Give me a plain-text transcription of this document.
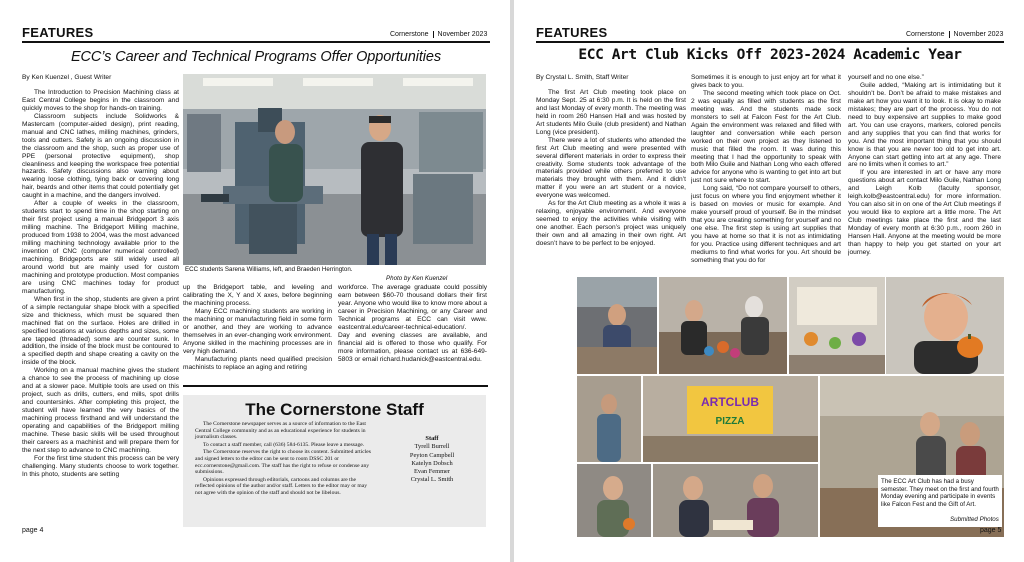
FEATURES	Cornerstone November 2023
ECC’s Career and Technical Programs Offer Opportunities

By Ken Kuenzel , Guest Writer

The Introduction to Precision Machining class at East Central College begins in the classroom and quickly moves to the shop for hands-on training.

Classroom subjects include Solidworks & Mastercam (computer-aided design), print reading, manual and CNC lathes, milling machines, grinders, tools and cutters. Safety is an ongoing discussion in the classroom and the shop, such as proper use of PPE (personal protective equipment), shop cleanliness and keeping the workspace free potential hazards. Safety discussions also warning about wearing loose clothing, tying back or covering long hair, beards and other items that could potentially get caught in a machine, and the dangers involved.

After a couple of weeks in the classroom, students start to spend time in the shop starting on their first project using a manual Bridgeport 3 axis milling machine. The Bridgeport Milling machine, produced from 1938 to 2004, was the most advanced milling machining technology available prior to the invention of CNC (computer numerical controlled) machining. Bridgeports are still widely used all around world but are mainly used for custom machining and prototype production. Most companies are using CNC machines today for product manufacturing.

When first in the shop, students are given a print of a simple rectangular shape block with a specified size and thickness, which must be squared then machined flat on the surface. Holes are drilled in specified locations at various depths and sizes, some are tapped (threaded) some are counter sunk. In addition, the inside of the block must be contoured to a specified depth and shape creating a cavity on the inside of the block.

Working on a manual machine gives the student a chance to see the process of machining up close and at a slower pace. Multiple tools are used on this project, such as drills, cutters, end mills, spot drills and countersinks. After completing this project, the student will have learned the very basics of the machining process firsthand and will understand the operating and capabilities of the Bridgeport milling machine. These basic skills will be used throughout their careers as a machinist and will prepare them for the next step to advance to CNC machining.

For the first time student this process can be very challenging. Many students choose to work together. In this photo, students are setting

ECC students Sarena Williams, left, and Braeden Herrington.
Photo by Ken Kuenzel

up the Bridgeport table, and leveling and calibrating the X, Y and X axes, before beginning the machining process.

Many ECC machining students are working in the machining or manufacturing field in some form or another, and they are working to advance themselves in an ever-changing work environment. Anyone skilled in the machining processes are in very high demand.

Manufacturing plants need qualified precision machinists to replace an aging and retiring

workforce. The average graduate could possibly earn between $60-70 thousand dollars their first year. Anyone who would like to know more about a career in Precision Machining, or any Career and Technical programs at ECC can visit www. eastcentral.edu/career-technical-education/.

Day and evening classes are available, and financial aid is offered to those who qualify. For more information, please contact us at 636-649-5803 or email richard.hudanick@eastcentral.edu.

The Cornerstone Staff

The Cornerstone newspaper serves as a source of information to the East Central College community and as an educational experience for students in journalism classes.

To contact a staff member, call (636) 584-6135. Please leave a message.

The Cornerstone reserves the right to choose its content. Submitted articles and signed letters to the editor can be sent to room DSSC 201 or ecc.cornerstone@gmail.com. The staff has the right to refuse or condense any submissions.

Opinions expressed through editorials, cartoons and columns are the reflected opinions of the author and/or staff. Letters to the editor may or may not agree with the opinion of the staff and should not be libelous.

Staff
Tyrell Burrell
Peyton Campbell
Katelyn Dobsch
Evan Femmer
Crystal L. Smith
page 4
FEATURES	Cornerstone November 2023
ECC Art Club Kicks Off 2023-2024 Academic Year

By Crystal L. Smith, Staff Writer

The first Art Club meeting took place on Monday Sept. 25 at 6:30 p.m. It is held on the first and last Monday of every month. The meeting was held in room 260 Hansen Hall and was hosted by Art students Milo Guile (club president) and Nathan Long (vice president).

There were a lot of students who attended the first Art Club meeting and were presented with several different materials in order to express their creativity. Some students took advantage of the materials provided while others preferred to use materials they brought with them. And it didn’t matter if you were an art student or a novice, everyone was welcomed.

As for the Art Club meeting as a whole it was a relaxing, enjoyable environment. And everyone seemed to enjoy the activities while visiting with one another. Each person’s project was uniquely their own and all amazing in their own right. Art doesn’t have to be perfect to be enjoyed.

Sometimes it is enough to just enjoy art for what it gives back to you.

The second meeting which took place on Oct. 2 was equally as filled with students as the first meeting was. And the students made sock monsters to sell at Falcon Fest for the Art Club. Again the environment was relaxed and filled with laughter and conversation while each person worked on their own project as they listened to music that filled the room. It was during this meeting that I had the opportunity to speak with both Milo Guile and Nathan Long who each offered advice for anyone who is wanting to get into art but just not sure where to start.

Long said, “Do not compare yourself to others, just focus on where you find enjoyment whether it is based on movies or music for example. And make yourself proud of yourself. Be in the mindset that you are creating something for yourself and no one else. The first step is using art supplies that you have at home so that it is not as intimidating for you. Practice using different techniques and art mediums to find what works for you. Art should be something that you do for

yourself and no one else.”

Guile added, “Making art is intimidating but it shouldn’t be. Don’t be afraid to make mistakes and make art how you want it to look. It is okay to make mistakes; they are part of the process. You do not need to buy expensive art supplies to make good art. You can use crayons, markers, colored pencils and any supplies that you can find that works for you. And the most important thing that you should know is that you are never too old to get into art. Anyone can start getting into art at any age. There are no limits when it comes to art.”

If you are interested in art or have any more questions about art contact Milo Guile, Nathan Long and Leigh Kolb (faculty sponsor, leigh.kolb@eastcentral.edu) for more information. You can also sit in on one of the Art Club meetings if you would like to explore art a little more. The Art Club meetings take place the first and the last Monday of every month at 6:30 p.m., room 260 in Hansen Hall. Anyone at the meeting would be more than happy to help you get started on your art journey.

ARTCLUB
PIZZA
The ECC Art Club has had a busy semester. They meet on the first and fourth Monday evening and participate in events like Falcon Fest and the Gift of Art.
Submitted Photos
page 5
